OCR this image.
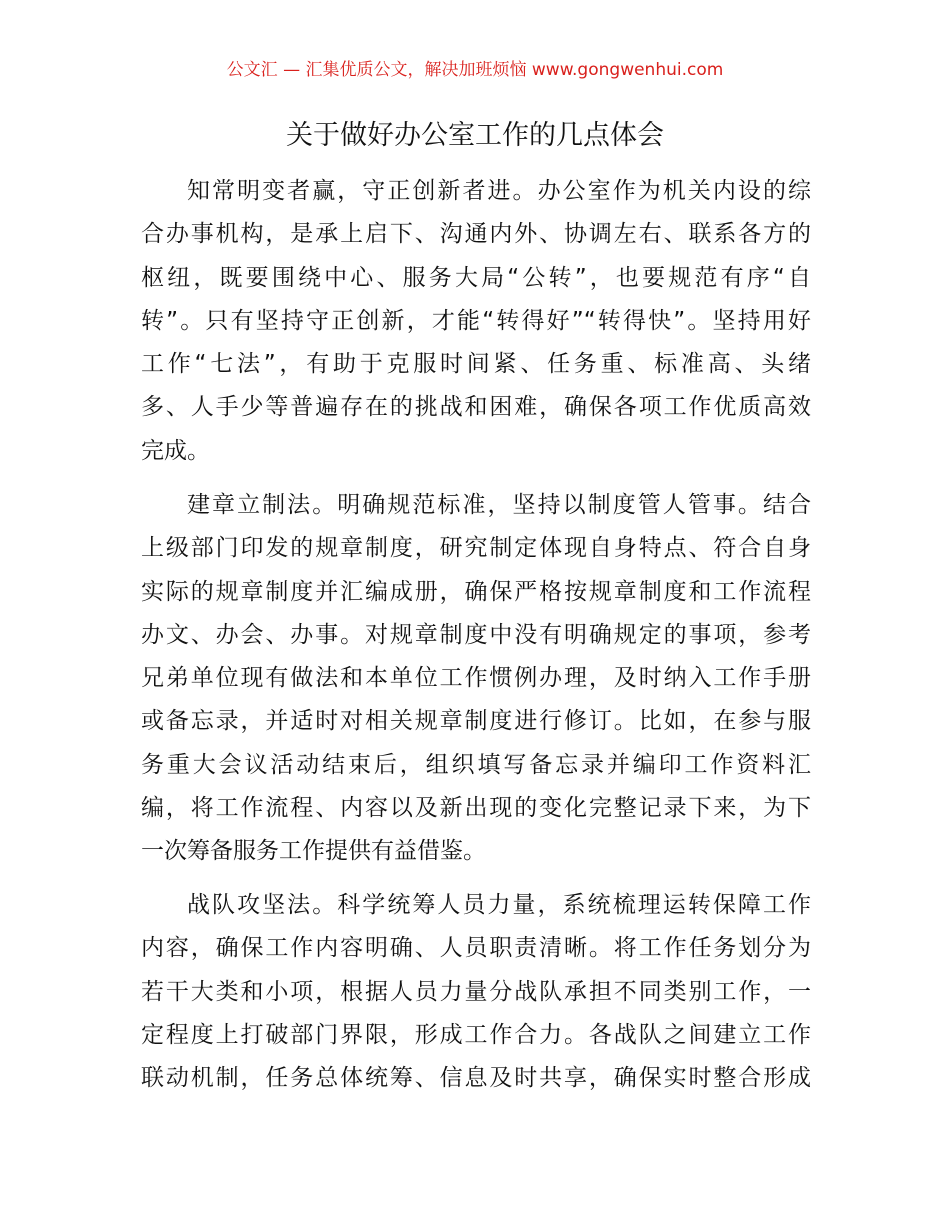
公文汇 — 汇集优质公文，解决加班烦恼 www.gongwenhui.com
关于做好办公室工作的几点体会
知常明变者赢，守正创新者进。办公室作为机关内设的综
合办事机构，是承上启下、沟通内外、协调左右、联系各方的
枢纽，既要围绕中心、服务大局“公转”，也要规范有序“自
转”。只有坚持守正创新，才能“转得好”“转得快”。坚持用好
工作“七法”，有助于克服时间紧、任务重、标准高、头绪
多、人手少等普遍存在的挑战和困难，确保各项工作优质高效
完成。
建章立制法。明确规范标准，坚持以制度管人管事。结合
上级部门印发的规章制度，研究制定体现自身特点、符合自身
实际的规章制度并汇编成册，确保严格按规章制度和工作流程
办文、办会、办事。对规章制度中没有明确规定的事项，参考
兄弟单位现有做法和本单位工作惯例办理，及时纳入工作手册
或备忘录，并适时对相关规章制度进行修订。比如，在参与服
务重大会议活动结束后，组织填写备忘录并编印工作资料汇
编，将工作流程、内容以及新出现的变化完整记录下来，为下
一次筹备服务工作提供有益借鉴。
战队攻坚法。科学统筹人员力量，系统梳理运转保障工作
内容，确保工作内容明确、人员职责清晰。将工作任务划分为
若干大类和小项，根据人员力量分战队承担不同类别工作，一
定程度上打破部门界限，形成工作合力。各战队之间建立工作
联动机制，任务总体统筹、信息及时共享，确保实时整合形成
